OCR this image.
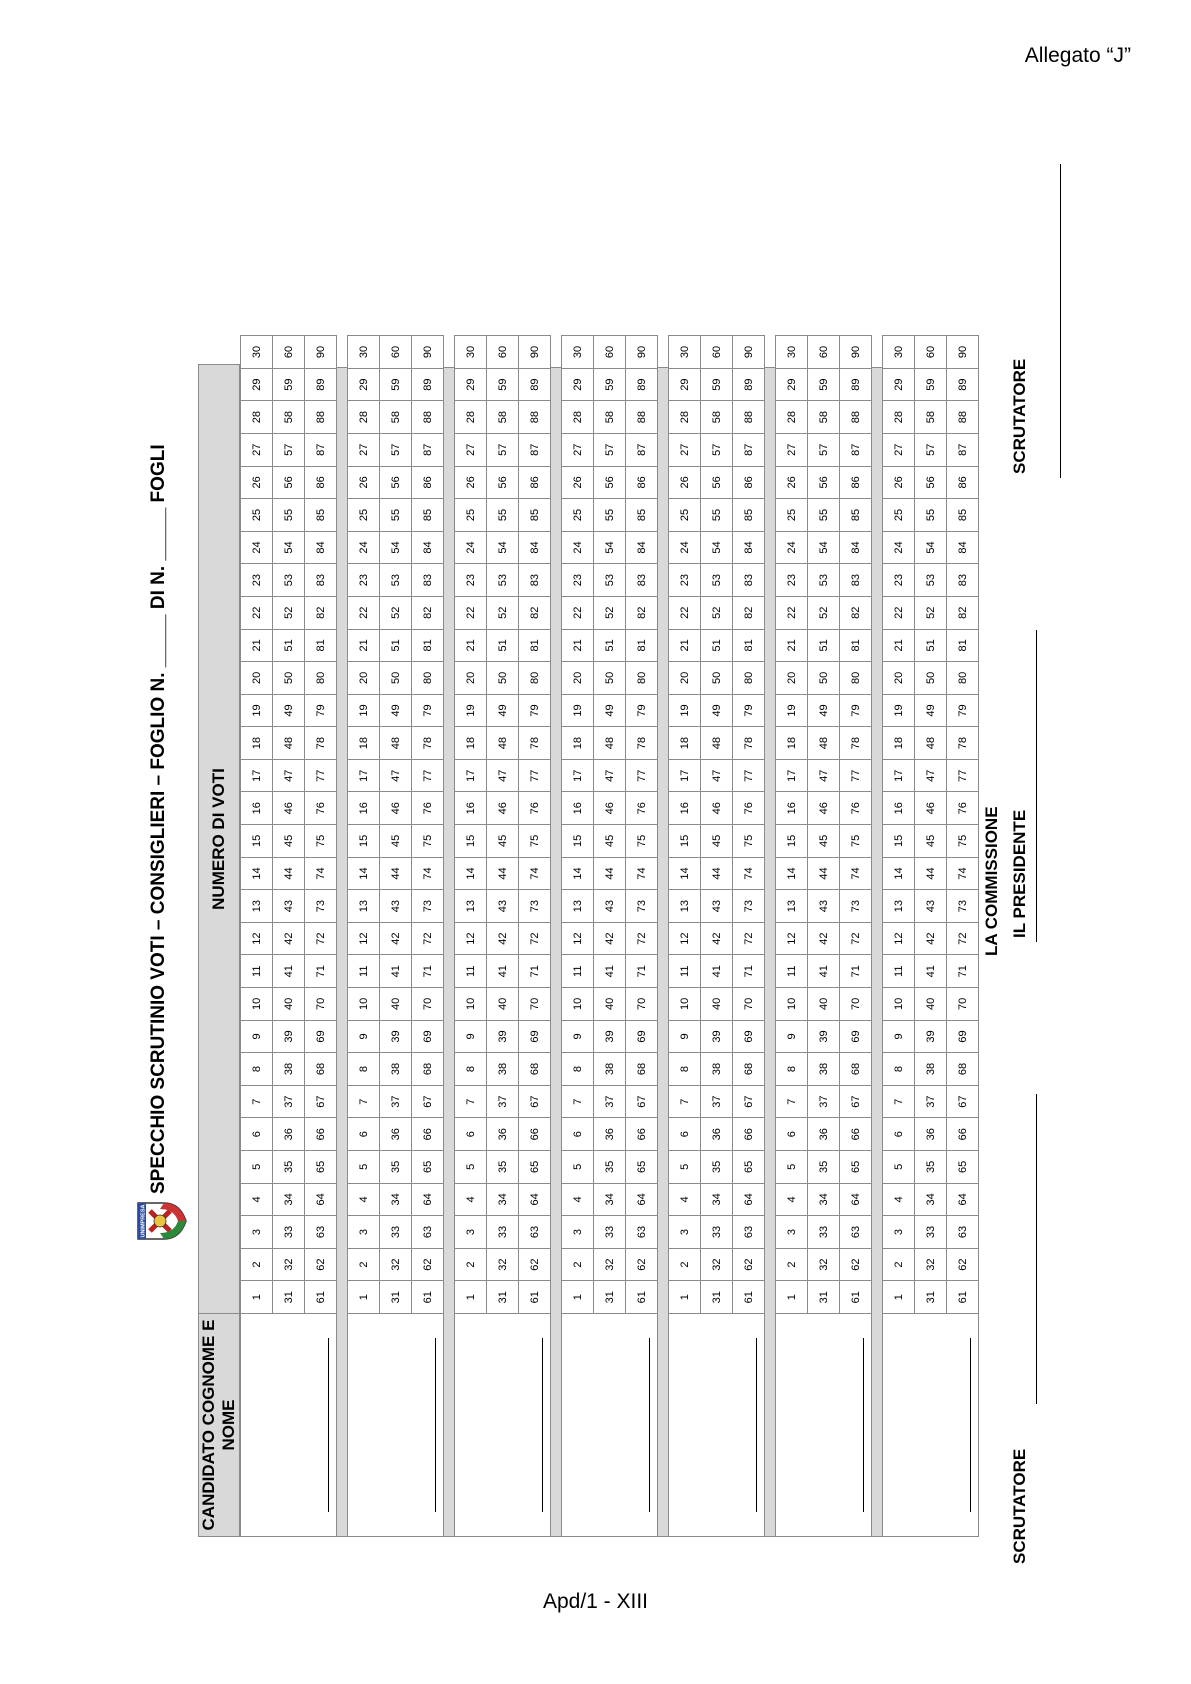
Allegato “J”
UNIMPRESA
SPECCHIO SCRUTINIO VOTI – CONSIGLIERI – FOGLIO N. _____ DI N. _____ FOGLI
CANDIDATO COGNOME E NOME	NUMERO DI VOTI
	1	2	3	4	5	6	7	8	9	10	11	12	13	14	15	16	17	18	19	20	21	22	23	24	25	26	27	28	29	30
	31	32	33	34	35	36	37	38	39	40	41	42	43	44	45	46	47	48	49	50	51	52	53	54	55	56	57	58	59	60
	61	62	63	64	65	66	67	68	69	70	71	72	73	74	75	76	77	78	79	80	81	82	83	84	85	86	87	88	89	90
	1	2	3	4	5	6	7	8	9	10	11	12	13	14	15	16	17	18	19	20	21	22	23	24	25	26	27	28	29	30
	31	32	33	34	35	36	37	38	39	40	41	42	43	44	45	46	47	48	49	50	51	52	53	54	55	56	57	58	59	60
	61	62	63	64	65	66	67	68	69	70	71	72	73	74	75	76	77	78	79	80	81	82	83	84	85	86	87	88	89	90
	1	2	3	4	5	6	7	8	9	10	11	12	13	14	15	16	17	18	19	20	21	22	23	24	25	26	27	28	29	30
	31	32	33	34	35	36	37	38	39	40	41	42	43	44	45	46	47	48	49	50	51	52	53	54	55	56	57	58	59	60
	61	62	63	64	65	66	67	68	69	70	71	72	73	74	75	76	77	78	79	80	81	82	83	84	85	86	87	88	89	90
	1	2	3	4	5	6	7	8	9	10	11	12	13	14	15	16	17	18	19	20	21	22	23	24	25	26	27	28	29	30
	31	32	33	34	35	36	37	38	39	40	41	42	43	44	45	46	47	48	49	50	51	52	53	54	55	56	57	58	59	60
	61	62	63	64	65	66	67	68	69	70	71	72	73	74	75	76	77	78	79	80	81	82	83	84	85	86	87	88	89	90
	1	2	3	4	5	6	7	8	9	10	11	12	13	14	15	16	17	18	19	20	21	22	23	24	25	26	27	28	29	30
	31	32	33	34	35	36	37	38	39	40	41	42	43	44	45	46	47	48	49	50	51	52	53	54	55	56	57	58	59	60
	61	62	63	64	65	66	67	68	69	70	71	72	73	74	75	76	77	78	79	80	81	82	83	84	85	86	87	88	89	90
	1	2	3	4	5	6	7	8	9	10	11	12	13	14	15	16	17	18	19	20	21	22	23	24	25	26	27	28	29	30
	31	32	33	34	35	36	37	38	39	40	41	42	43	44	45	46	47	48	49	50	51	52	53	54	55	56	57	58	59	60
	61	62	63	64	65	66	67	68	69	70	71	72	73	74	75	76	77	78	79	80	81	82	83	84	85	86	87	88	89	90
	1	2	3	4	5	6	7	8	9	10	11	12	13	14	15	16	17	18	19	20	21	22	23	24	25	26	27	28	29	30
	31	32	33	34	35	36	37	38	39	40	41	42	43	44	45	46	47	48	49	50	51	52	53	54	55	56	57	58	59	60
	61	62	63	64	65	66	67	68	69	70	71	72	73	74	75	76	77	78	79	80	81	82	83	84	85	86	87	88	89	90
SCRUTATORE
LA COMMISSIONE IL PRESIDENTE
SCRUTATORE
Apd/1 - XIII
